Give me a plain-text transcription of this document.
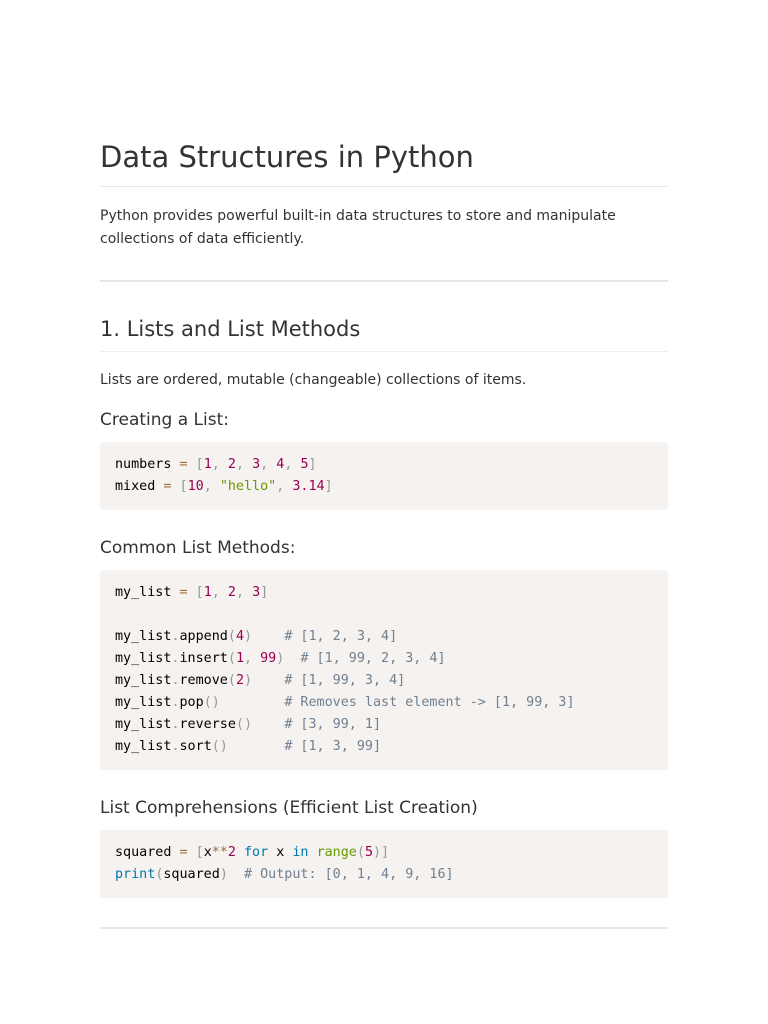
Data Structures in Python

Python provides powerful built-in data structures to store and manipulate collections of data efficiently.

1. Lists and List Methods

Lists are ordered, mutable (changeable) collections of items.

Creating a List:
numbers = [1, 2, 3, 4, 5]
mixed = [10, "hello", 3.14]
Common List Methods:
my_list = [1, 2, 3]

my_list.append(4) # [1, 2, 3, 4]
my_list.insert(1, 99) # [1, 99, 2, 3, 4]
my_list.remove(2) # [1, 99, 3, 4]
my_list.pop()	# Removes last element -> [1, 99, 3]
my_list.reverse() # [3, 99, 1]
my_list.sort()	# [1, 3, 99]
List Comprehensions (Efficient List Creation)
squared = [x**2 for x in range(5)]
print(squared) # Output: [0, 1, 4, 9, 16]
